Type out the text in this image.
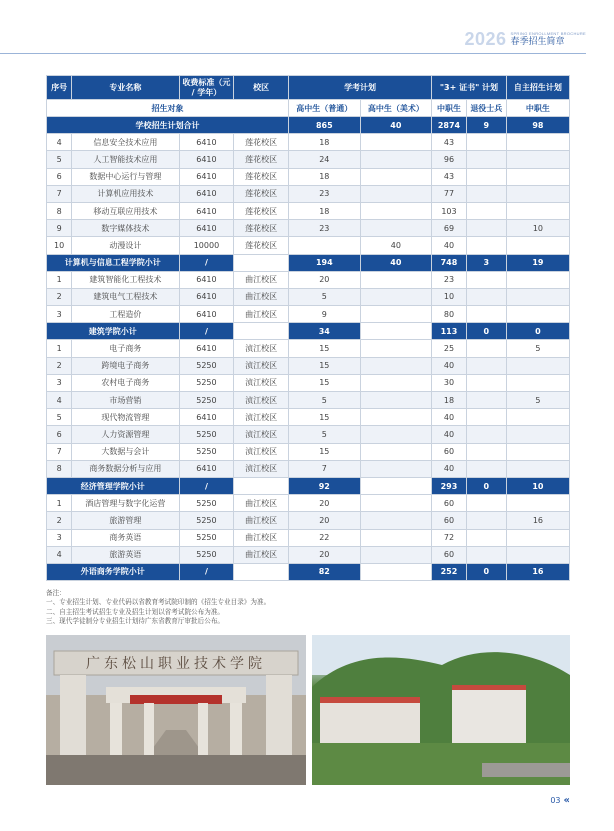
2026 SPRING ENROLLMENT BROCHURE
春季招生简章
序号	专业名称	收费标准（元 / 学年）	校区	学考计划		"3+ 证书" 计划		自主招生计划
招生对象				高中生（普通）	高中生（美术）	中职生	退役士兵	中职生
学校招生计划合计				865	40	2874	9	98
4	信息安全技术应用	6410	莲花校区	18		43		
5	人工智能技术应用	6410	莲花校区	24		96		
6	数据中心运行与管理	6410	莲花校区	18		43		
7	计算机应用技术	6410	莲花校区	23		77		
8	移动互联应用技术	6410	莲花校区	18		103		
9	数字媒体技术	6410	莲花校区	23		69		10
10	动漫设计	10000	莲花校区		40	40		
计算机与信息工程学院小计		/		194	40	748	3	19
1	建筑智能化工程技术	6410	曲江校区	20		23		
2	建筑电气工程技术	6410	曲江校区	5		10		
3	工程造价	6410	曲江校区	9		80		
建筑学院小计		/		34		113	0	0
1	电子商务	6410	浈江校区	15		25		5
2	跨境电子商务	5250	浈江校区	15		40		
3	农村电子商务	5250	浈江校区	15		30		
4	市场营销	5250	浈江校区	5		18		5
5	现代物流管理	6410	浈江校区	15		40		
6	人力资源管理	5250	浈江校区	5		40		
7	大数据与会计	5250	浈江校区	15		60		
8	商务数据分析与应用	6410	浈江校区	7		40		
经济管理学院小计		/		92		293	0	10
1	酒店管理与数字化运营	5250	曲江校区	20		60		
2	旅游管理	5250	曲江校区	20		60		16
3	商务英语	5250	曲江校区	22		72		
4	旅游英语	5250	曲江校区	20		60		
外语商务学院小计		/		82		252	0	16
备注：
一、专业招生计划、专业代码以省教育考试院印制的《招生专业目录》为准。
二、自主招生考试招生专业及招生计划以省考试院公布为准。
三、现代学徒制分专业招生计划待广东省教育厅审批后公布。
广东松山职业技术学院
03 «
